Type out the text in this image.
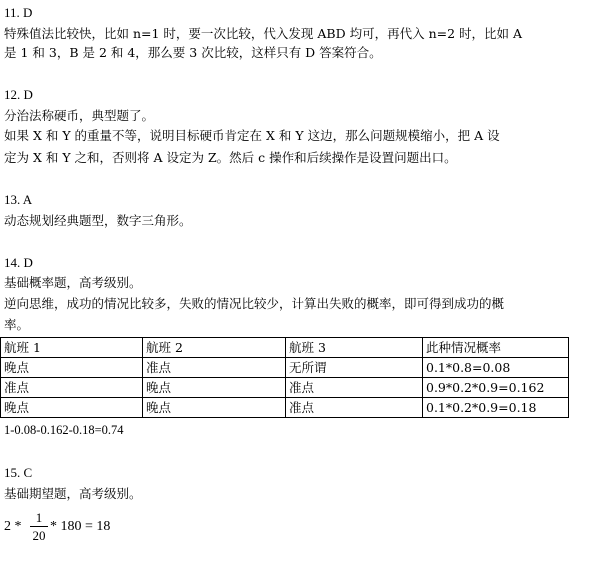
11. D
特殊值法比较快，比如 n=1 时，要一次比较，代入发现 ABD 均可，再代入 n=2 时，比如 A
是 1 和 3，B 是 2 和 4，那么要 3 次比较，这样只有 D 答案符合。
12. D
分治法称硬币，典型题了。
如果 X 和 Y 的重量不等，说明目标硬币肯定在 X 和 Y 这边，那么问题规模缩小，把 A 设
定为 X 和 Y 之和，否则将 A 设定为 Z。然后 c 操作和后续操作是设置问题出口。
13. A
动态规划经典题型，数字三角形。
14. D
基础概率题，高考级别。
逆向思维，成功的情况比较多，失败的情况比较少，计算出失败的概率，即可得到成功的概
率。
航班 1	航班 2	航班 3	此种情况概率
晚点	准点	无所谓	0.1*0.8=0.08
准点	晚点	准点	0.9*0.2*0.9=0.162
晚点	晚点	准点	0.1*0.2*0.9=0.18
1-0.08-0.162-0.18=0.74
15. C
基础期望题，高考级别。
2 *
1
20
* 180 = 18
